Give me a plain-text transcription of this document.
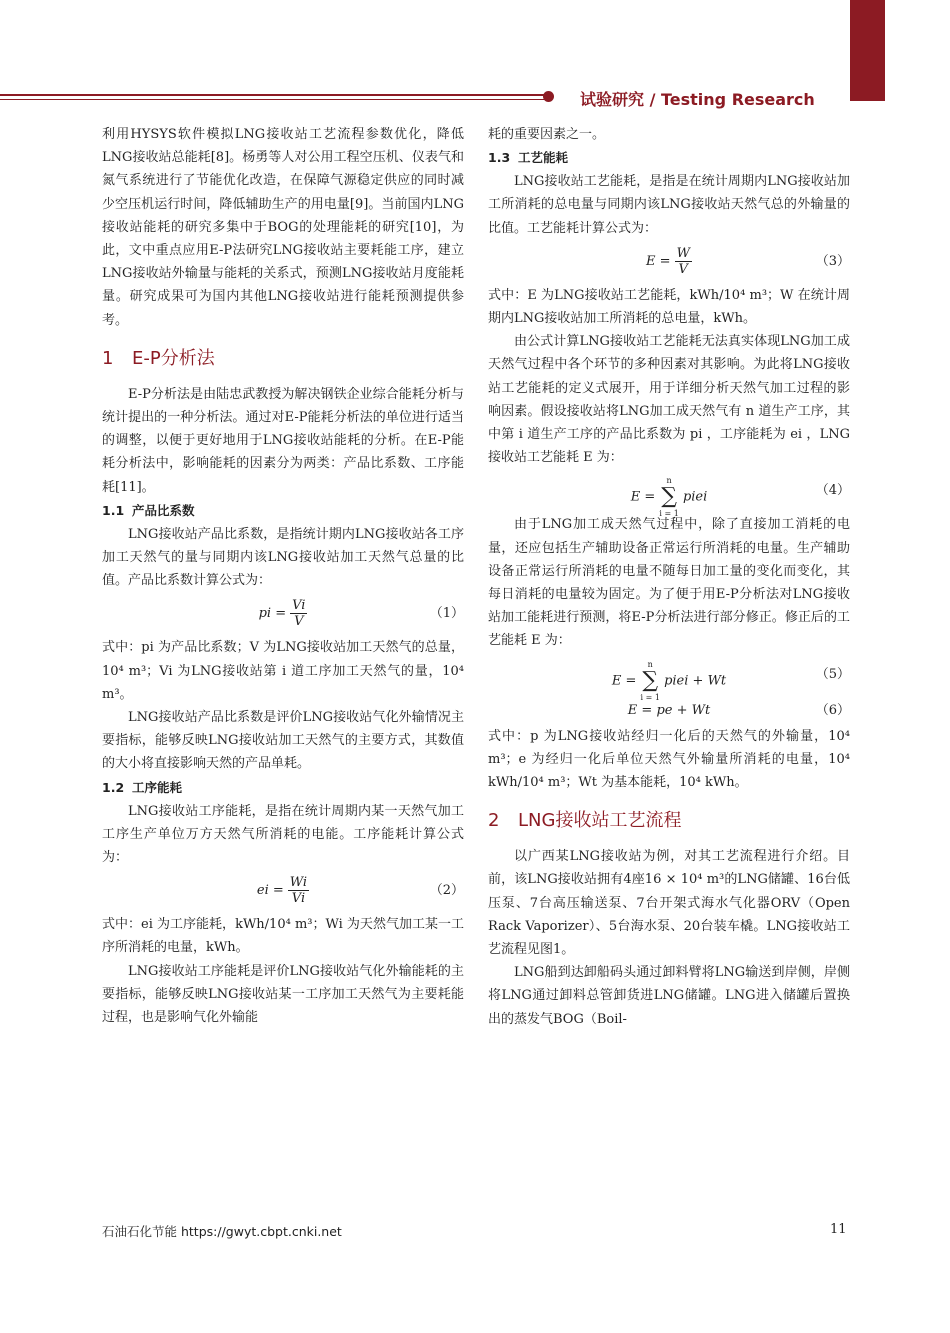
试验研究 / Testing Research

利用HYSYS软件模拟LNG接收站工艺流程参数优化，降低LNG接收站总能耗[8]。杨勇等人对公用工程空压机、仪表气和氮气系统进行了节能优化改造，在保障气源稳定供应的同时减少空压机运行时间，降低辅助生产的用电量[9]。当前国内LNG接收站能耗的研究多集中于BOG的处理能耗的研究[10]，为此，文中重点应用E-P法研究LNG接收站主要耗能工序，建立LNG接收站外输量与能耗的关系式，预测LNG接收站月度能耗量。研究成果可为国内其他LNG接收站进行能耗预测提供参考。

1 E-P分析法

E-P分析法是由陆忠武教授为解决钢铁企业综合能耗分析与统计提出的一种分析法。通过对E-P能耗分析法的单位进行适当的调整，以便于更好地用于LNG接收站能耗的分析。在E-P能耗分析法中，影响能耗的因素分为两类：产品比系数、工序能耗[11]。

1.1 产品比系数

LNG接收站产品比系数，是指统计期内LNG接收站各工序加工天然气的量与同期内该LNG接收站加工天然气总量的比值。产品比系数计算公式为：

pi = $\frac{Vi}{V}$	（1）

式中：pi 为产品比系数；V 为LNG接收站加工天然气的总量，10⁴ m³；Vi 为LNG接收站第 i 道工序加工天然气的量，10⁴ m³。

LNG接收站产品比系数是评价LNG接收站气化外输情况主要指标，能够反映LNG接收站加工天然气的主要方式，其数值的大小将直接影响天然的产品单耗。

1.2 工序能耗

LNG接收站工序能耗，是指在统计周期内某一天然气加工工序生产单位万方天然气所消耗的电能。工序能耗计算公式为：

ei = $\frac{Wi}{Vi}$	（2）

式中：ei 为工序能耗，kWh/10⁴ m³；Wi 为天然气加工某一工序所消耗的电量，kWh。

LNG接收站工序能耗是评价LNG接收站气化外输能耗的主要指标，能够反映LNG接收站某一工序加工天然气为主要耗能过程，也是影响气化外输能

耗的重要因素之一。

1.3 工艺能耗

LNG接收站工艺能耗，是指是在统计周期内LNG接收站加工所消耗的总电量与同期内该LNG接收站天然气总的外输量的比值。工艺能耗计算公式为：

$E = \frac{W}{V}$	（3）

式中：E 为LNG接收站工艺能耗，kWh/10⁴ m³；W 在统计周期内LNG接收站加工所消耗的总电量，kWh。

由公式计算LNG接收站工艺能耗无法真实体现LNG加工成天然气过程中各个环节的多种因素对其影响。为此将LNG接收站工艺能耗的定义式展开，用于详细分析天然气加工过程的影响因素。假设接收站将LNG加工成天然气有 n 道生产工序，其中第 i 道生产工序的产品比系数为 pi ，工序能耗为 ei ，LNG接收站工艺能耗 E 为：

E =
n
∑
i = 1
piei	（4）

由于LNG加工成天然气过程中，除了直接加工消耗的电量，还应包括生产辅助设备正常运行所消耗的电量。生产辅助设备正常运行所消耗的电量不随每日加工量的变化而变化，其每日消耗的电量较为固定。为了便于用E-P分析法对LNG接收站加工能耗进行预测，将E-P分析法进行部分修正。修正后的工艺能耗 E 为：

E =
n
∑
i = 1
piei + Wt	（5）
E = pe + Wt	（6）

式中：p 为LNG接收站经归一化后的天然气的外输量，10⁴ m³；e 为经归一化后单位天然气外输量所消耗的电量，10⁴ kWh/10⁴ m³；Wt 为基本能耗，10⁴ kWh。

2 LNG接收站工艺流程

以广西某LNG接收站为例，对其工艺流程进行介绍。目前，该LNG接收站拥有4座16 × 10⁴ m³的LNG储罐、16台低压泵、7台高压输送泵、7台开架式海水气化器ORV（Open Rack Vaporizer）、5台海水泵、20台装车橇。LNG接收站工艺流程见图1。

LNG船到达卸船码头通过卸料臂将LNG输送到岸侧，岸侧将LNG通过卸料总管卸货进LNG储罐。LNG进入储罐后置换出的蒸发气BOG（Boil-

石油石化节能 https://gwyt.cbpt.cnki.net	11
